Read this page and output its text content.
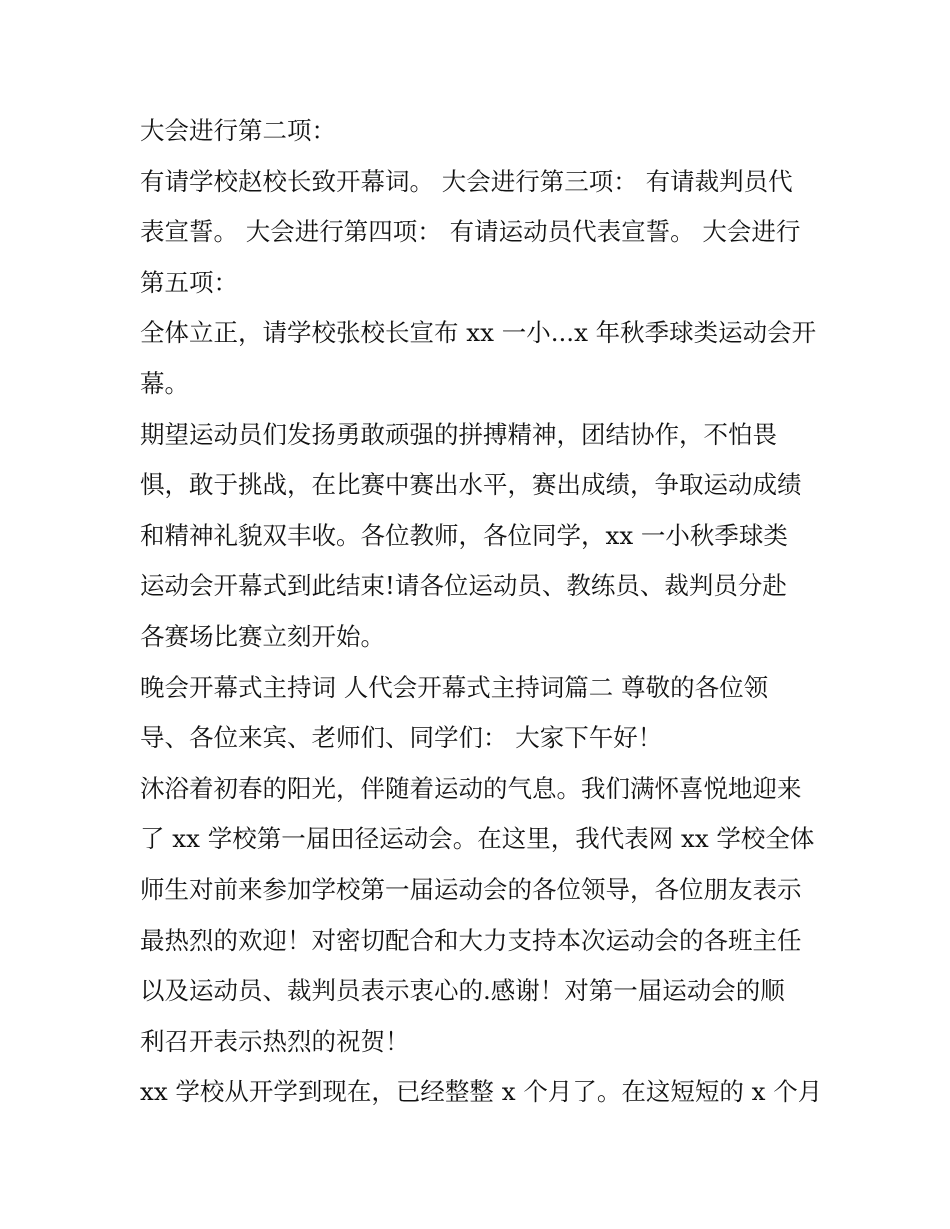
大会进行第二项：

有请学校赵校长致开幕词。 大会进行第三项： 有请裁判员代
表宣誓。 大会进行第四项： 有请运动员代表宣誓。 大会进行
第五项：

全体立正，请学校张校长宣布 xx 一小...x 年秋季球类运动会开
幕。

期望运动员们发扬勇敢顽强的拼搏精神，团结协作，不怕畏
惧，敢于挑战，在比赛中赛出水平，赛出成绩，争取运动成绩
和精神礼貌双丰收。各位教师，各位同学，xx 一小秋季球类
运动会开幕式到此结束!请各位运动员、教练员、裁判员分赴
各赛场比赛立刻开始。

晚会开幕式主持词 人代会开幕式主持词篇二 尊敬的各位领
导、各位来宾、老师们、同学们： 大家下午好！

沐浴着初春的阳光，伴随着运动的气息。我们满怀喜悦地迎来
了 xx 学校第一届田径运动会。在这里，我代表网 xx 学校全体
师生对前来参加学校第一届运动会的各位领导，各位朋友表示
最热烈的欢迎！对密切配合和大力支持本次运动会的各班主任
以及运动员、裁判员表示衷心的.感谢！对第一届运动会的顺
利召开表示热烈的祝贺！

xx 学校从开学到现在，已经整整 x 个月了。在这短短的 x 个月
